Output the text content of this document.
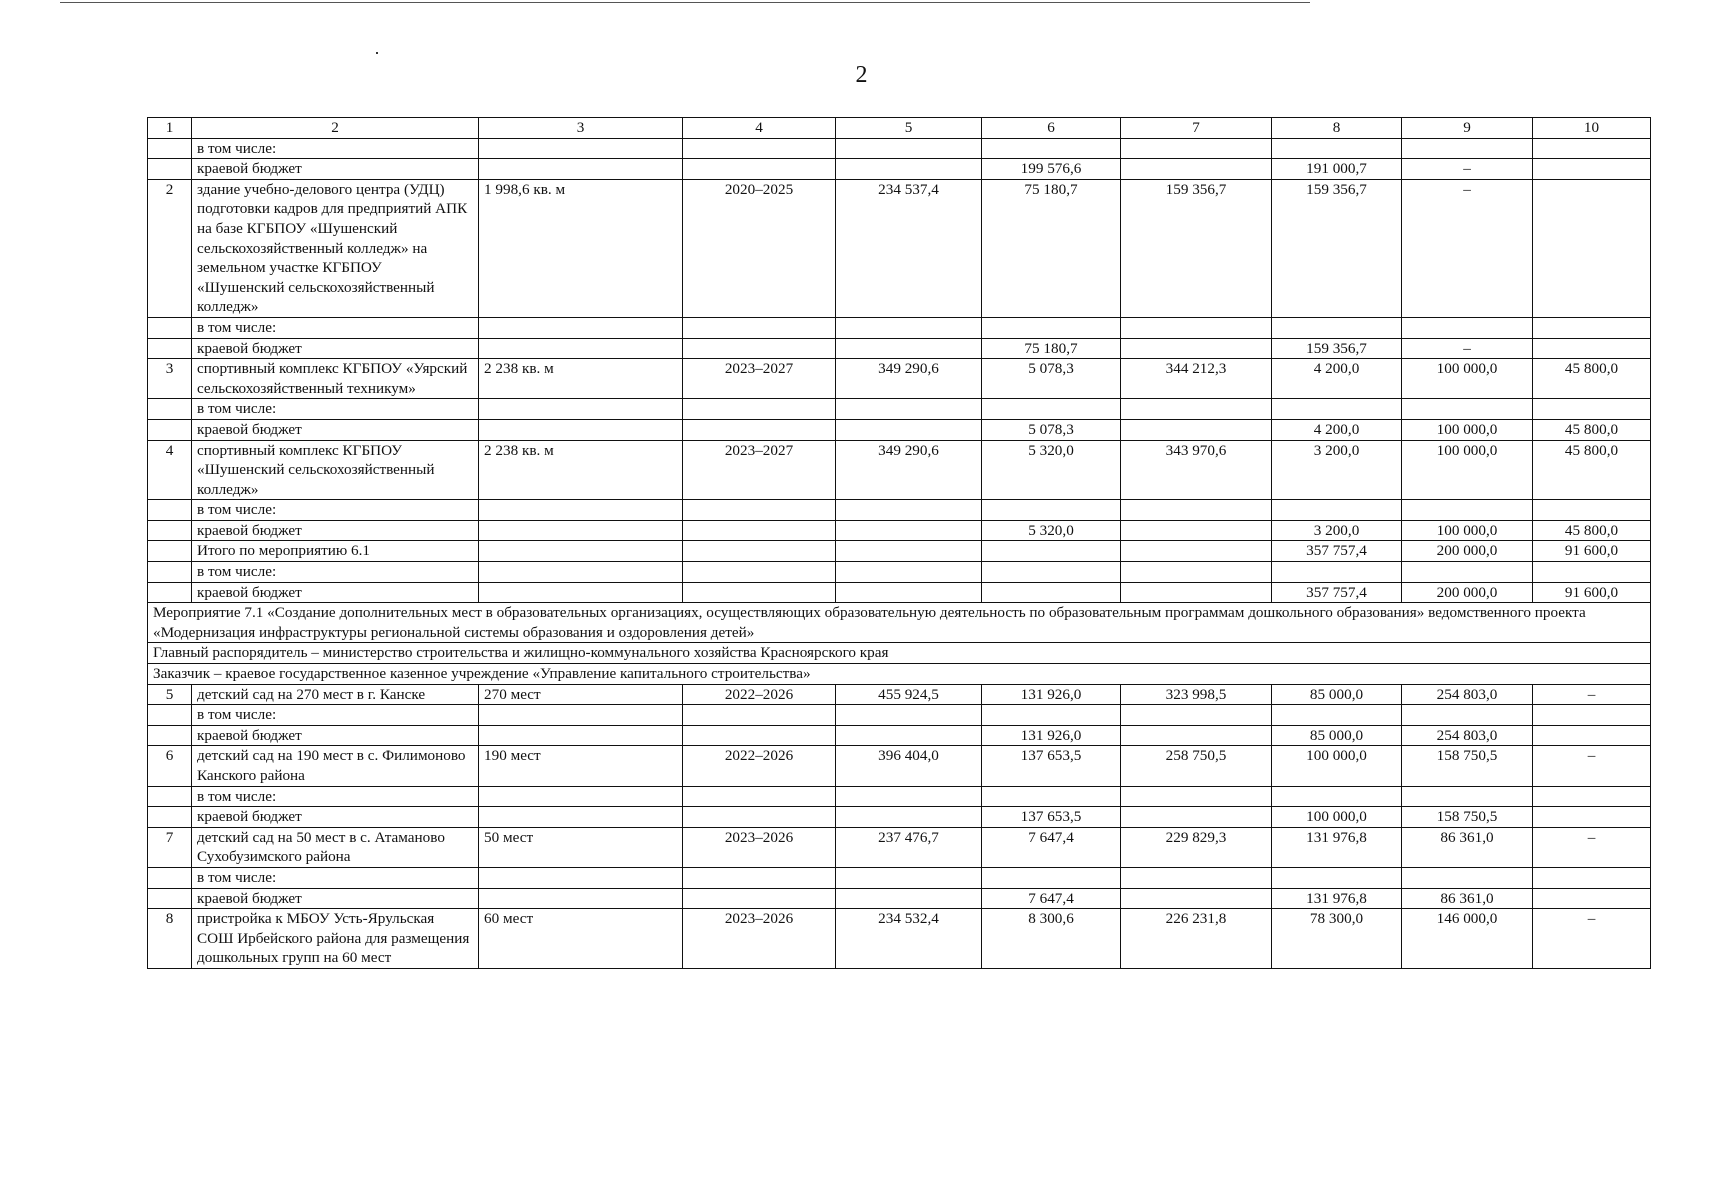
2
1	2	3	4	5	6	7	8	9	10
	в том числе:								
	краевой бюджет				199 576,6		191 000,7	–	
2	здание учебно-делового центра (УДЦ) подготовки кадров для предприятий АПК на базе КГБПОУ «Шушенский сельскохозяйственный колледж» на земельном участке КГБПОУ «Шушенский сельскохозяйственный колледж»	1 998,6 кв. м	2020–2025	234 537,4	75 180,7	159 356,7	159 356,7	–	
	в том числе:								
	краевой бюджет				75 180,7		159 356,7	–	
3	спортивный комплекс КГБПОУ «Уярский сельскохозяйственный техникум»	2 238 кв. м	2023–2027	349 290,6	5 078,3	344 212,3	4 200,0	100 000,0	45 800,0
	в том числе:								
	краевой бюджет				5 078,3		4 200,0	100 000,0	45 800,0
4	спортивный комплекс КГБПОУ «Шушенский сельскохозяйственный колледж»	2 238 кв. м	2023–2027	349 290,6	5 320,0	343 970,6	3 200,0	100 000,0	45 800,0
	в том числе:								
	краевой бюджет				5 320,0		3 200,0	100 000,0	45 800,0
	Итого по мероприятию 6.1						357 757,4	200 000,0	91 600,0
	в том числе:								
	краевой бюджет						357 757,4	200 000,0	91 600,0
Мероприятие 7.1 «Создание дополнительных мест в образовательных организациях, осуществляющих образовательную деятельность по образовательным программам дошкольного образования» ведомственного проекта «Модернизация инфраструктуры региональной системы образования и оздоровления детей»									
Главный распорядитель – министерство строительства и жилищно-коммунального хозяйства Красноярского края									
Заказчик – краевое государственное казенное учреждение «Управление капитального строительства»									
5	детский сад на 270 мест в г. Канске	270 мест	2022–2026	455 924,5	131 926,0	323 998,5	85 000,0	254 803,0	–
	в том числе:								
	краевой бюджет				131 926,0		85 000,0	254 803,0	
6	детский сад на 190 мест в с. Филимоново Канского района	190 мест	2022–2026	396 404,0	137 653,5	258 750,5	100 000,0	158 750,5	–
	в том числе:								
	краевой бюджет				137 653,5		100 000,0	158 750,5	
7	детский сад на 50 мест в с. Атаманово Сухобузимского района	50 мест	2023–2026	237 476,7	7 647,4	229 829,3	131 976,8	86 361,0	–
	в том числе:								
	краевой бюджет				7 647,4		131 976,8	86 361,0	
8	пристройка к МБОУ Усть-Ярульская СОШ Ирбейского района для размещения дошкольных групп на 60 мест	60 мест	2023–2026	234 532,4	8 300,6	226 231,8	78 300,0	146 000,0	–
